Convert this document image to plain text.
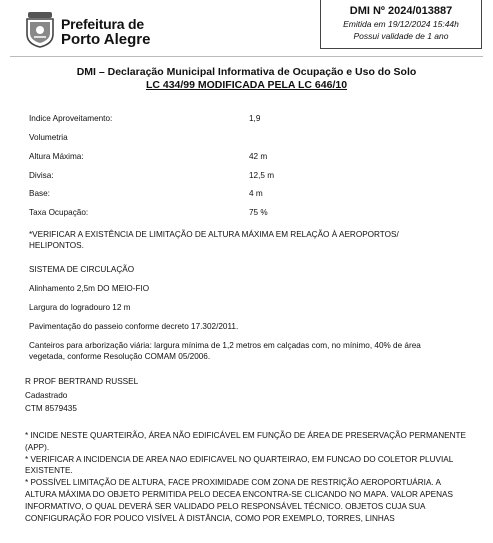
Prefeitura de
Porto Alegre
DMI Nº 2024/013887
Emitida em 19/12/2024 15:44h
Possui validade de 1 ano
DMI – Declaração Municipal Informativa de Ocupação e Uso do Solo
LC 434/99 MODIFICADA PELA LC 646/10
Indice Aproveitamento:	1,9
Volumetria
Altura Máxima:	42 m
Divisa:	12,5 m
Base:	4 m
Taxa Ocupação:	75 %
*VERIFICAR A EXISTÊNCIA DE LIMITAÇÃO DE ALTURA MÁXIMA EM RELAÇÃO À AEROPORTOS/ HELIPONTOS.
SISTEMA DE CIRCULAÇÃO
Alinhamento 2,5m DO MEIO-FIO
Largura do logradouro 12 m
Pavimentação do passeio conforme decreto 17.302/2011.
Canteiros para arborização viária: largura mínima de 1,2 metros em calçadas com, no mínimo, 40% de área vegetada, conforme Resolução COMAM 05/2006.
R PROF BERTRAND RUSSEL
Cadastrado
CTM 8579435

* INCIDE NESTE QUARTEIRÃO, ÁREA NÃO EDIFICÁVEL EM FUNÇÃO DE ÁREA DE PRESERVAÇÃO PERMANENTE (APP).

* VERIFICAR A INCIDENCIA DE AREA NAO EDIFICAVEL NO QUARTEIRAO, EM FUNCAO DO COLETOR PLUVIAL EXISTENTE.

* POSSÍVEL LIMITAÇÃO DE ALTURA, FACE PROXIMIDADE COM ZONA DE RESTRIÇÃO AEROPORTUÁRIA. A ALTURA MÁXIMA DO OBJETO PERMITIDA PELO DECEA ENCONTRA-SE CLICANDO NO MAPA. VALOR APENAS INFORMATIVO, O QUAL DEVERÁ SER VALIDADO PELO RESPONSÁVEL TÉCNICO. OBJETOS CUJA SUA CONFIGURAÇÃO FOR POUCO VISÍVEL À DISTÂNCIA, COMO POR EXEMPLO, TORRES, LINHAS
